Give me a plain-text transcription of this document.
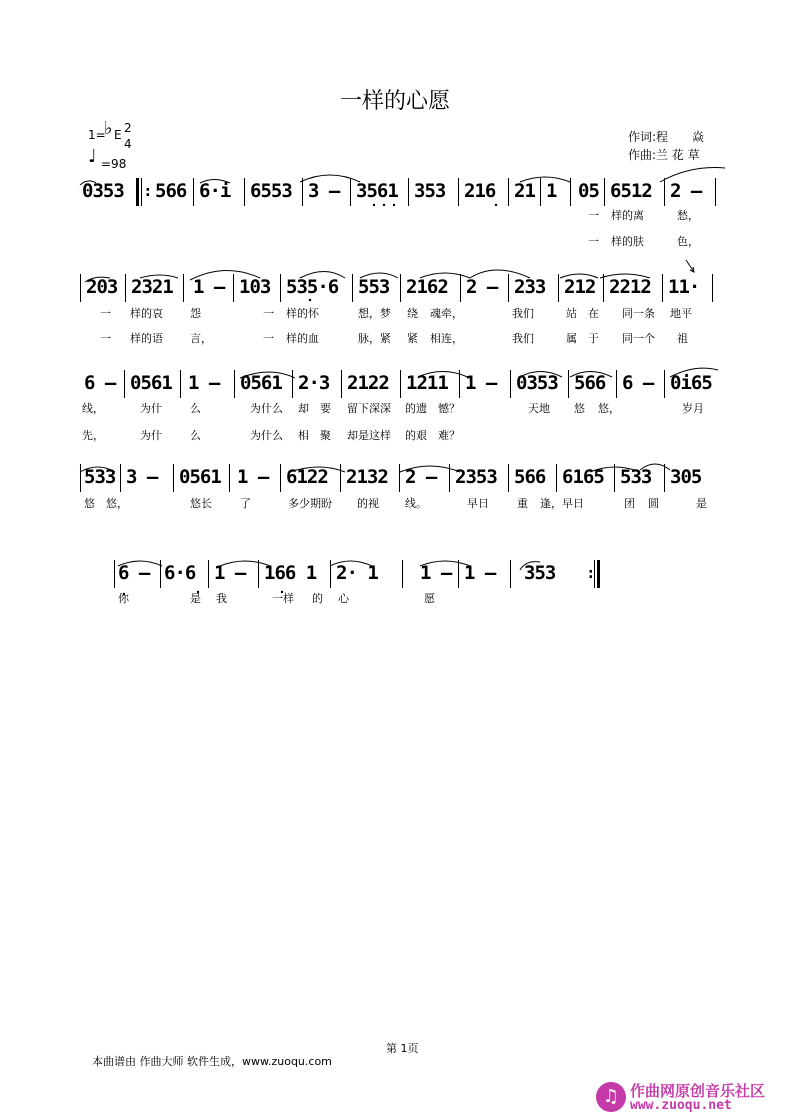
一样的心愿
1=
♭ E 2
4
♩ =98
作词:程　　焱
作曲:兰 花 草
0353 : 566 6·i 6553 3 – 3561 353 216 21 1 05 6512 2 –
一 样的离	愁，
一 样的肤	色，
203 2321 1 – 103 535·6 553 2162 2 – 233 212 2212 11·
一 样的哀 怨	一 样的怀	想，梦 绕 魂牵，	我们	站 在 同一条 地平
一 样的语 言，	一 样的血	脉，紧 紧 相连，	我们	属 于 同一个 祖
6 – 0561 1 – 0561 2·3 2122 1211 1 – 0353 566 6 – 0i65
线，	为什	么	为什么 却 要 留下深深 的遗 憾？	天地 悠 悠，	岁月
先，	为什	么	为什么 相 聚 却是这样 的艰 难？
533 3 – 0561 1 – 6122 2132 2 – 2353 566 6165 533 305
悠 悠，	悠长	了	多少期盼 的视 线。	早日	重 逢，早日	团 圆	是
6 – 6·6 1 – 166 1 2· 1 1 – 1 – 353 :
你	是 我	一样 的 心	愿
第 1页
本曲谱由 作曲大师 软件生成，www.zuoqu.com
♫ 作曲网原创音乐社区
www.zuoqu.net
